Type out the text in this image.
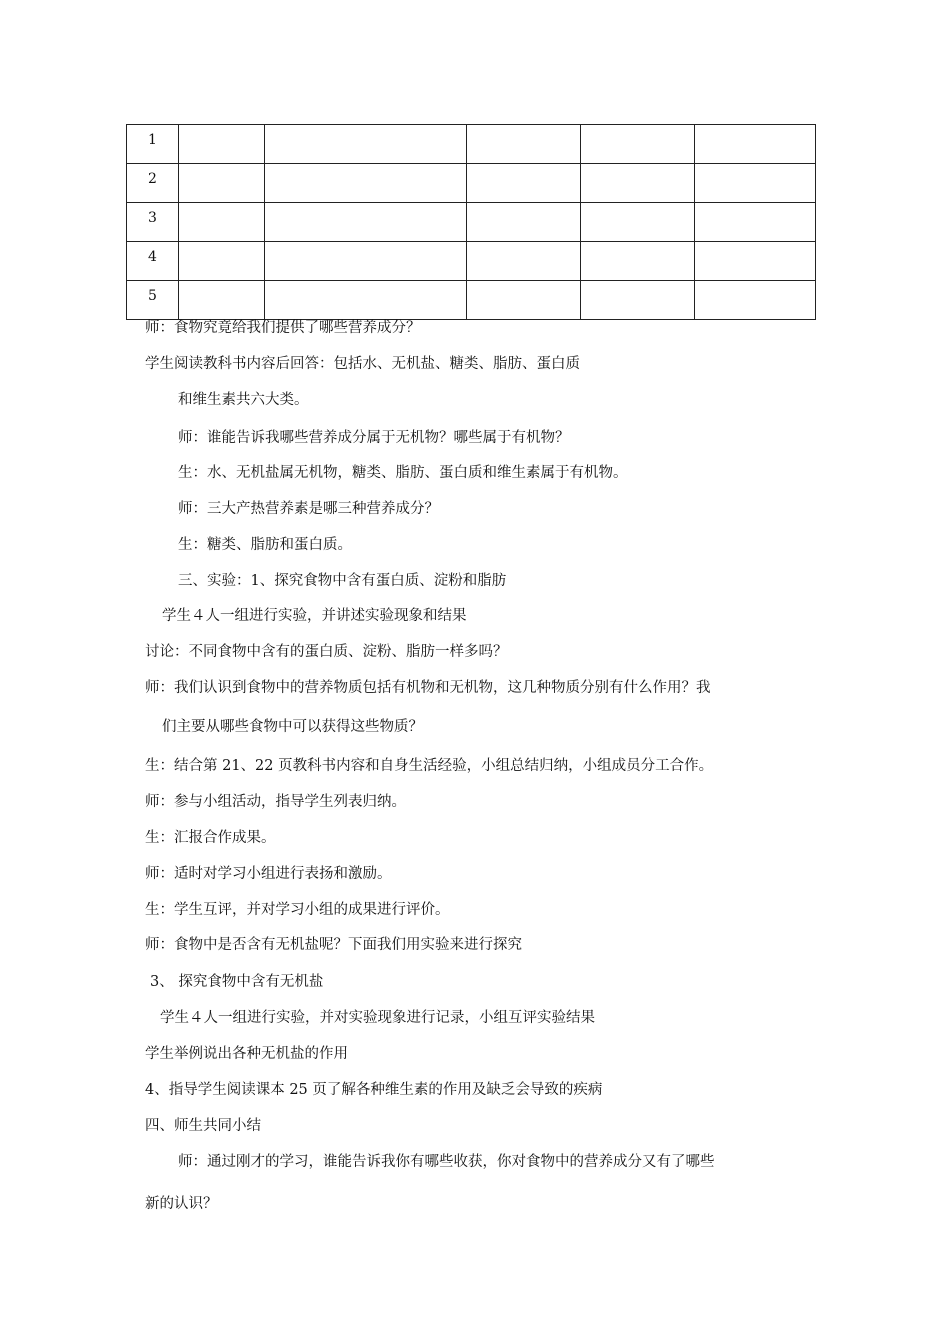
1					
2					
3					
4					
5					
师：食物究竟给我们提供了哪些营养成分？
学生阅读教科书内容后回答：包括水、无机盐、糖类、脂肪、蛋白质
和维生素共六大类。
师：谁能告诉我哪些营养成分属于无机物？哪些属于有机物？
生：水、无机盐属无机物，糖类、脂肪、蛋白质和维生素属于有机物。
师：三大产热营养素是哪三种营养成分？
生：糖类、脂肪和蛋白质。
三、实验：1、探究食物中含有蛋白质、淀粉和脂肪
学生４人一组进行实验，并讲述实验现象和结果
讨论：不同食物中含有的蛋白质、淀粉、脂肪一样多吗？
师：我们认识到食物中的营养物质包括有机物和无机物，这几种物质分别有什么作用？我
们主要从哪些食物中可以获得这些物质？
生：结合第 21、22 页教科书内容和自身生活经验，小组总结归纳，小组成员分工合作。
师：参与小组活动，指导学生列表归纳。
生：汇报合作成果。
师：适时对学习小组进行表扬和激励。
生：学生互评，并对学习小组的成果进行评价。
师：食物中是否含有无机盐呢？下面我们用实验来进行探究
3、 探究食物中含有无机盐
学生４人一组进行实验，并对实验现象进行记录，小组互评实验结果
学生举例说出各种无机盐的作用
4、指导学生阅读课本 25 页了解各种维生素的作用及缺乏会导致的疾病
四、师生共同小结
师：通过刚才的学习，谁能告诉我你有哪些收获，你对食物中的营养成分又有了哪些
新的认识？
